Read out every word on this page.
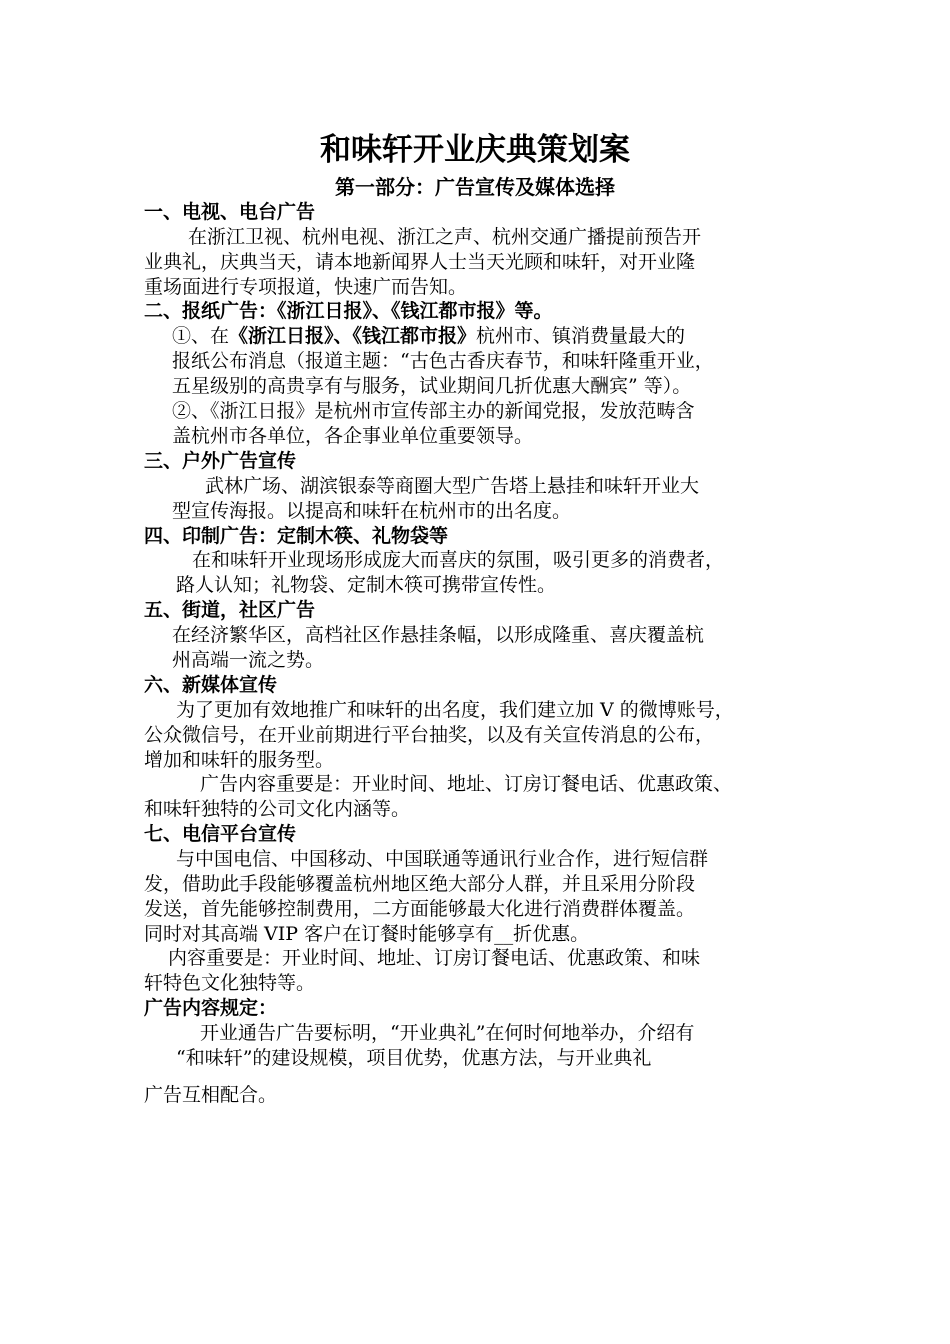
和味轩开业庆典策划案
第一部分：广告宣传及媒体选择
一、电视、电台广告
在浙江卫视、杭州电视、浙江之声、杭州交通广播提前预告开
业典礼，庆典当天，请本地新闻界人士当天光顾和味轩，对开业隆
重场面进行专项报道，快速广而告知。
二、报纸广告：《浙江日报》、《钱江都市报》等。
①、在《浙江日报》、《钱江都市报》杭州市、镇消费量最大的
报纸公布消息（报道主题：“古色古香庆春节，和味轩隆重开业，
五星级别的高贵享有与服务，试业期间几折优惠大酬宾” 等）。
②、《浙江日报》是杭州市宣传部主办的新闻党报，发放范畴含
盖杭州市各单位，各企事业单位重要领导。
三、户外广告宣传
武林广场、湖滨银泰等商圈大型广告塔上悬挂和味轩开业大
型宣传海报。以提高和味轩在杭州市的出名度。
四、印制广告：定制木筷、礼物袋等
在和味轩开业现场形成庞大而喜庆的氛围，吸引更多的消费者，
路人认知；礼物袋、定制木筷可携带宣传性。
五、街道，社区广告
在经济繁华区，高档社区作悬挂条幅，以形成隆重、喜庆覆盖杭
州高端一流之势。
六、新媒体宣传
为了更加有效地推广和味轩的出名度，我们建立加 V 的微博账号，
公众微信号，在开业前期进行平台抽奖，以及有关宣传消息的公布，
增加和味轩的服务型。
广告内容重要是：开业时间、地址、订房订餐电话、优惠政策、
和味轩独特的公司文化内涵等。
七、电信平台宣传
与中国电信、中国移动、中国联通等通讯行业合作，进行短信群
发，借助此手段能够覆盖杭州地区绝大部分人群，并且采用分阶段
发送，首先能够控制费用，二方面能够最大化进行消费群体覆盖。
同时对其高端 VIP 客户在订餐时能够享有__折优惠。
内容重要是：开业时间、地址、订房订餐电话、优惠政策、和味
轩特色文化独特等。
广告内容规定：
开业通告广告要标明，“开业典礼”在何时何地举办，介绍有
“和味轩”的建设规模，项目优势，优惠方法，与开业典礼
广告互相配合。
